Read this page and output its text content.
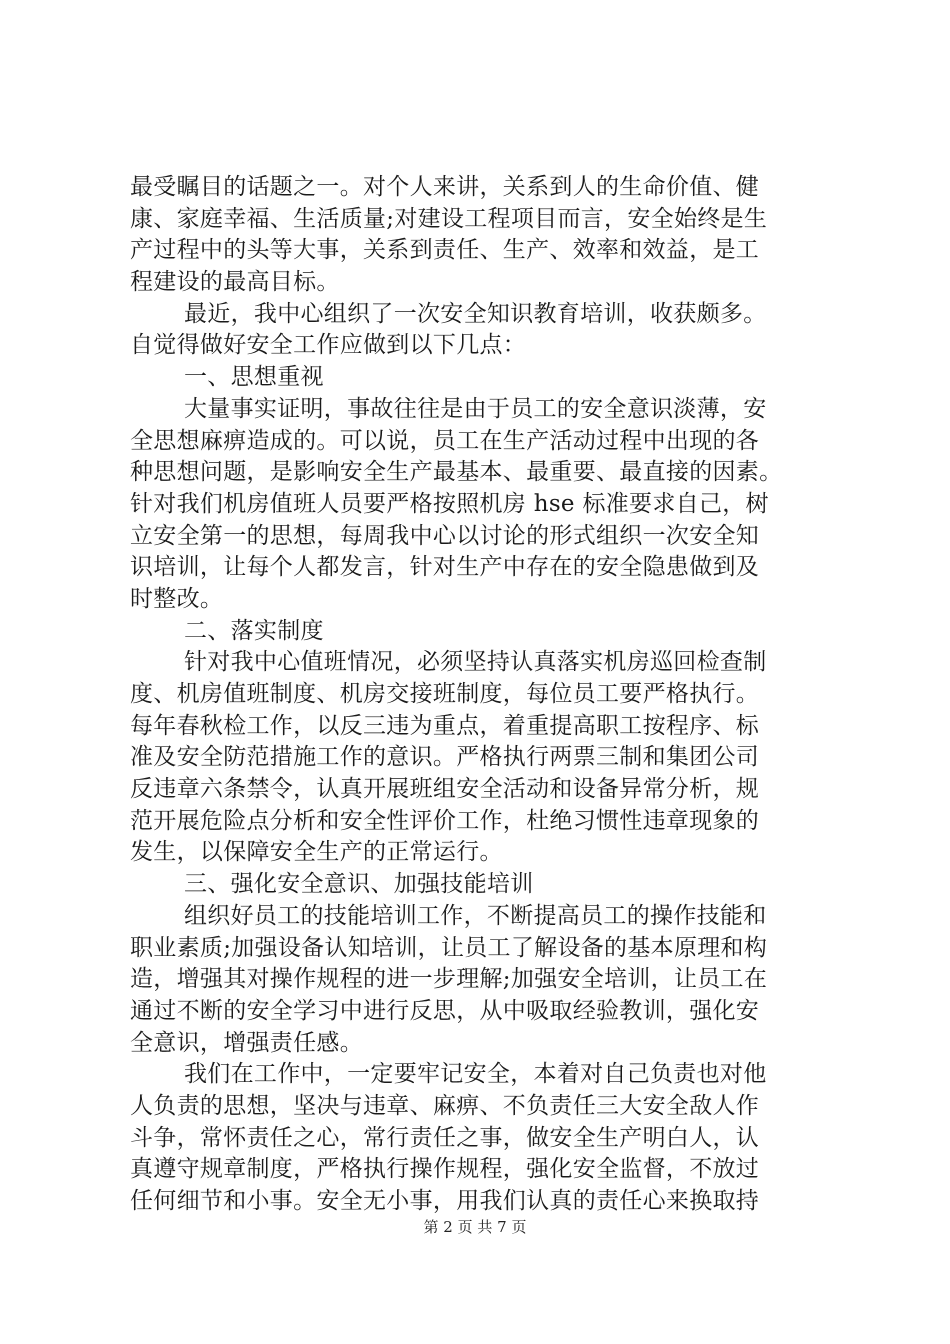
最受瞩目的话题之一。对个人来讲，关系到人的生命价值、健
康、家庭幸福、生活质量;对建设工程项目而言，安全始终是生
产过程中的头等大事，关系到责任、生产、效率和效益，是工
程建设的最高目标。
最近，我中心组织了一次安全知识教育培训，收获颇多。
自觉得做好安全工作应做到以下几点：
一、思想重视
大量事实证明，事故往往是由于员工的安全意识淡薄，安
全思想麻痹造成的。可以说，员工在生产活动过程中出现的各
种思想问题，是影响安全生产最基本、最重要、最直接的因素。
针对我们机房值班人员要严格按照机房 hse 标准要求自己，树
立安全第一的思想，每周我中心以讨论的形式组织一次安全知
识培训，让每个人都发言，针对生产中存在的安全隐患做到及
时整改。
二、落实制度
针对我中心值班情况，必须坚持认真落实机房巡回检查制
度、机房值班制度、机房交接班制度，每位员工要严格执行。
每年春秋检工作，以反三违为重点，着重提高职工按程序、标
准及安全防范措施工作的意识。严格执行两票三制和集团公司
反违章六条禁令，认真开展班组安全活动和设备异常分析，规
范开展危险点分析和安全性评价工作，杜绝习惯性违章现象的
发生，以保障安全生产的正常运行。
三、强化安全意识、加强技能培训
组织好员工的技能培训工作，不断提高员工的操作技能和
职业素质;加强设备认知培训，让员工了解设备的基本原理和构
造，增强其对操作规程的进一步理解;加强安全培训，让员工在
通过不断的安全学习中进行反思，从中吸取经验教训，强化安
全意识，增强责任感。
我们在工作中，一定要牢记安全，本着对自己负责也对他
人负责的思想，坚决与违章、麻痹、不负责任三大安全敌人作
斗争，常怀责任之心，常行责任之事，做安全生产明白人，认
真遵守规章制度，严格执行操作规程，强化安全监督，不放过
任何细节和小事。安全无小事，用我们认真的责任心来换取持
第 2 页 共 7 页
